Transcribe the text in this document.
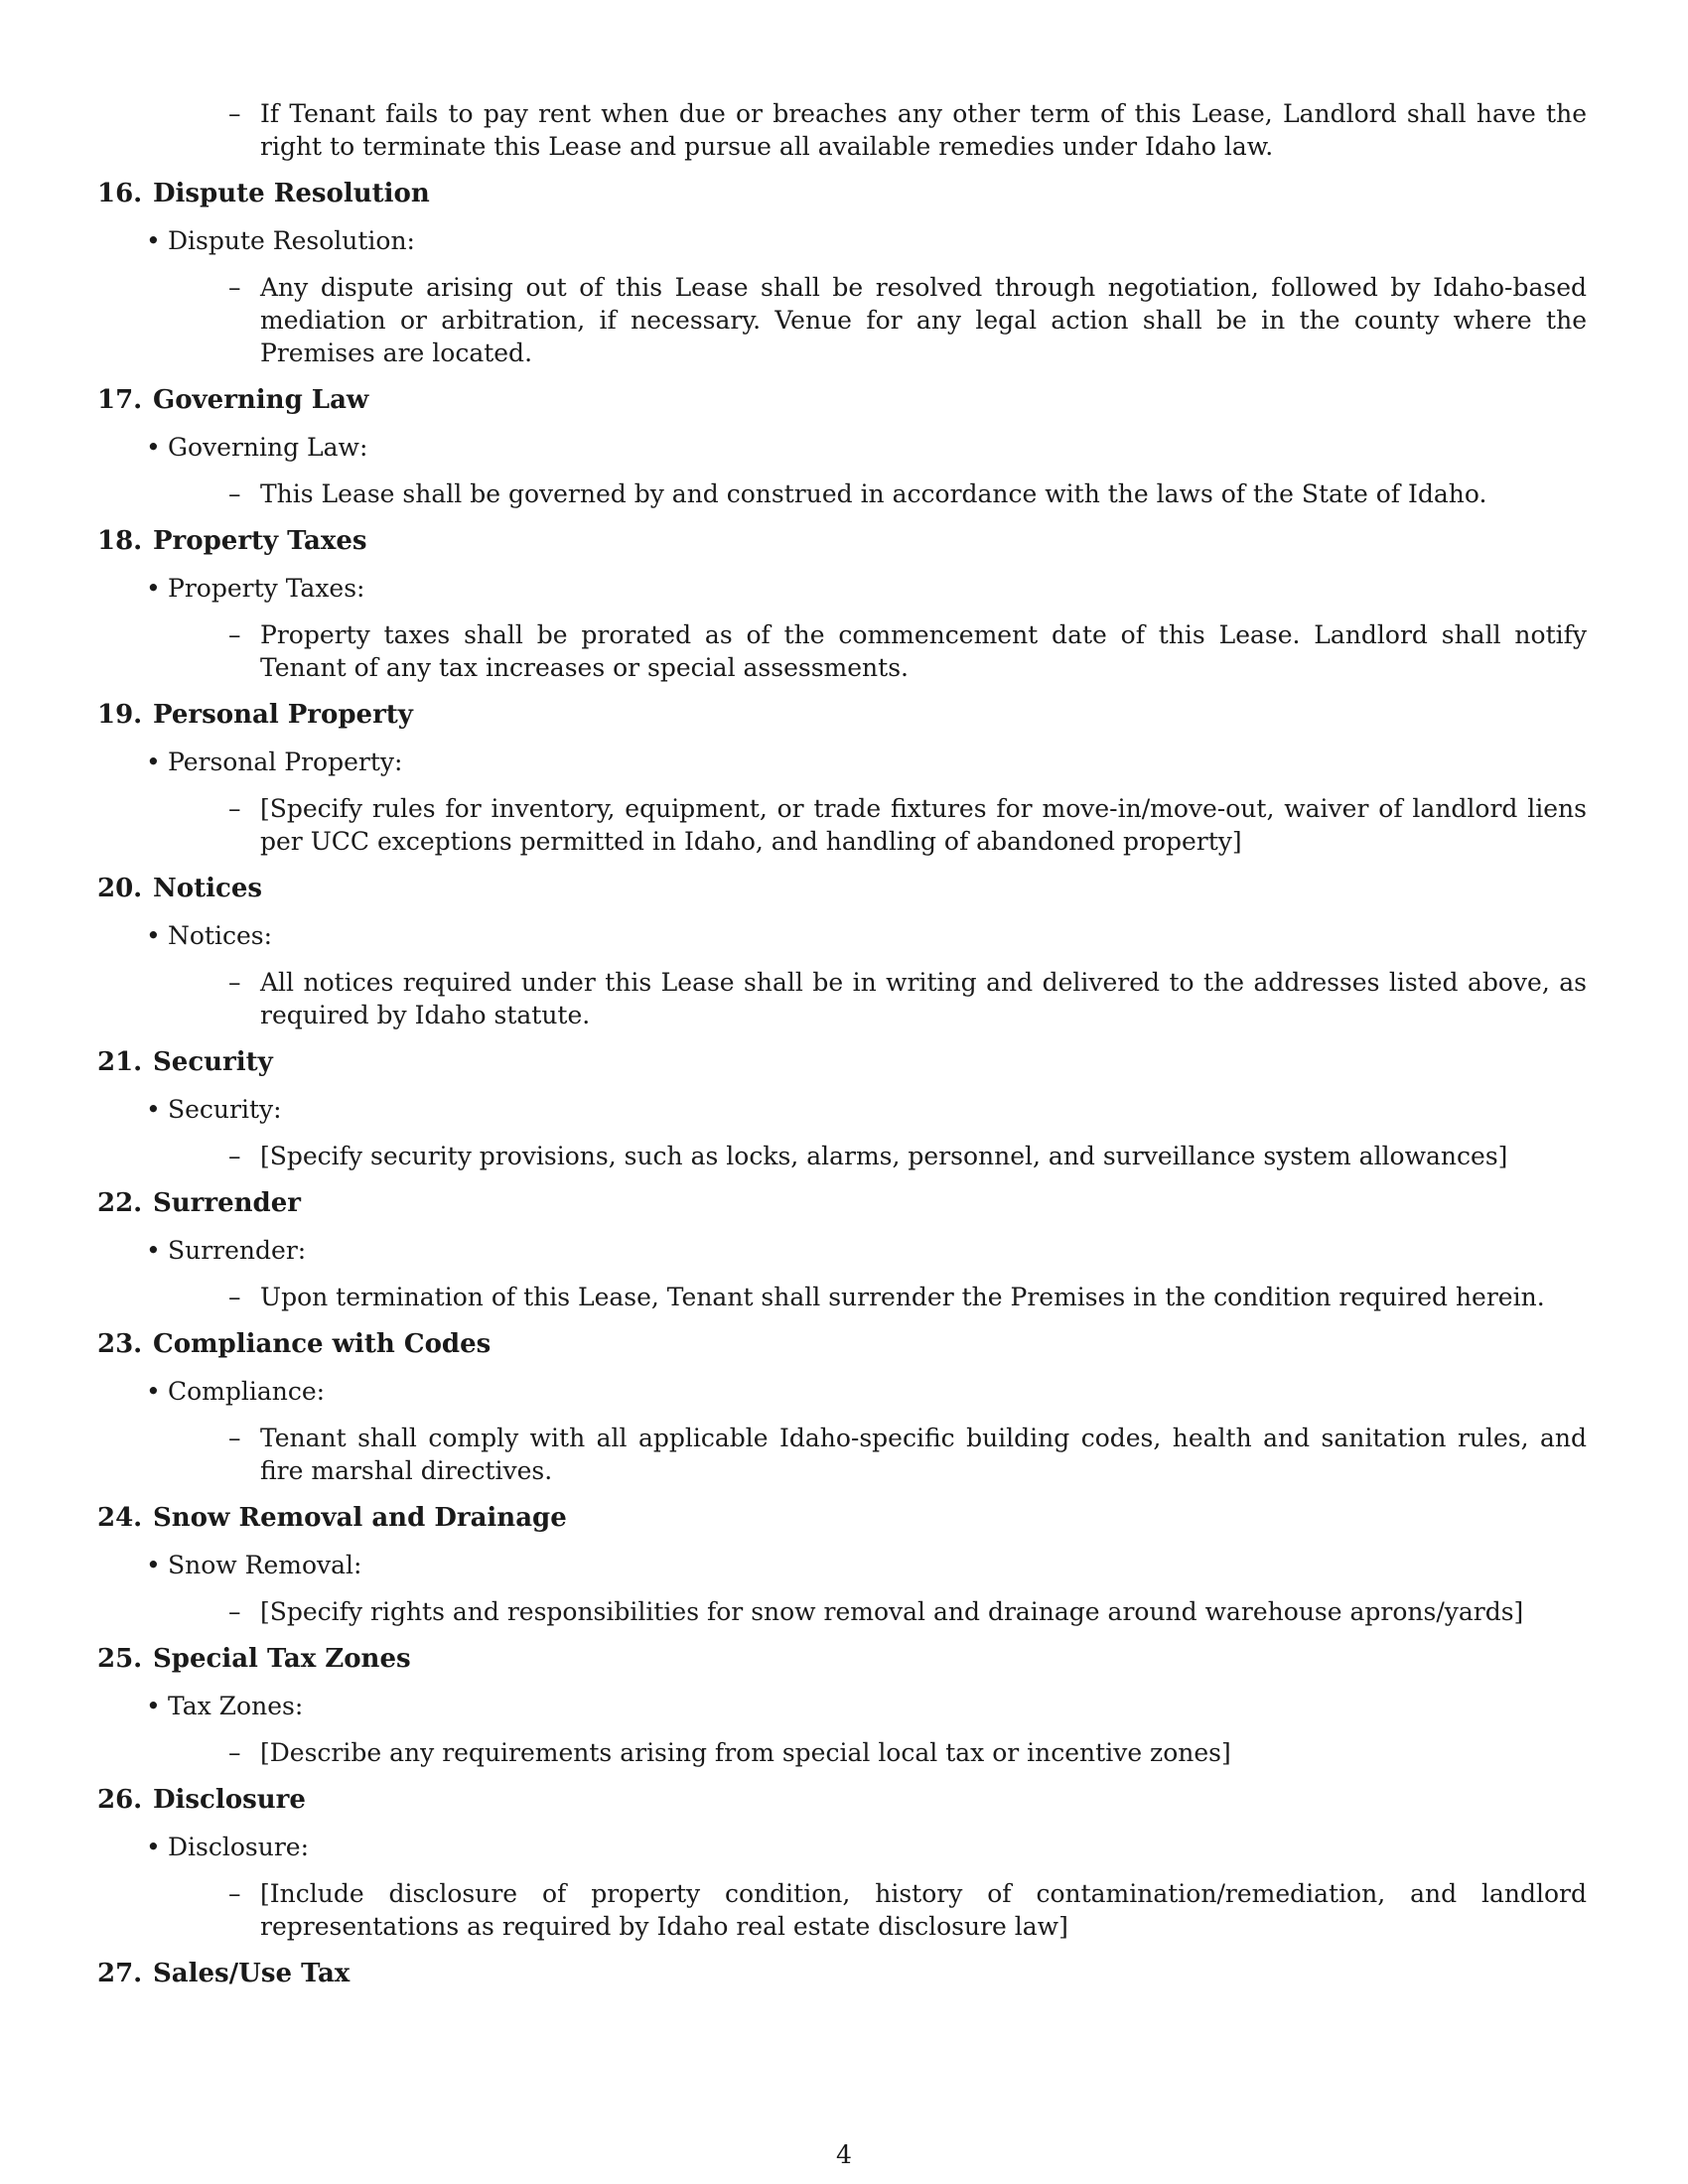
– If Tenant fails to pay rent when due or breaches any other term of this Lease, Landlord shall have the right to terminate this Lease and pursue all available remedies under Idaho law.
16. Dispute Resolution
• Dispute Resolution:
– Any dispute arising out of this Lease shall be resolved through negotiation, followed by Idaho-based mediation or arbitration, if necessary. Venue for any legal action shall be in the county where the Premises are located.
17. Governing Law
• Governing Law:
– This Lease shall be governed by and construed in accordance with the laws of the State of Idaho.
18. Property Taxes
• Property Taxes:
– Property taxes shall be prorated as of the commencement date of this Lease. Landlord shall notify Tenant of any tax increases or special assessments.
19. Personal Property
• Personal Property:
– [Specify rules for inventory, equipment, or trade fixtures for move-in/move-out, waiver of landlord liens per UCC exceptions permitted in Idaho, and handling of abandoned property]
20. Notices
• Notices:
– All notices required under this Lease shall be in writing and delivered to the addresses listed above, as required by Idaho statute.
21. Security
• Security:
– [Specify security provisions, such as locks, alarms, personnel, and surveillance system allowances]
22. Surrender
• Surrender:
– Upon termination of this Lease, Tenant shall surrender the Premises in the condition required herein.
23. Compliance with Codes
• Compliance:
– Tenant shall comply with all applicable Idaho-specific building codes, health and sanitation rules, and fire marshal directives.
24. Snow Removal and Drainage
• Snow Removal:
– [Specify rights and responsibilities for snow removal and drainage around warehouse aprons/yards]
25. Special Tax Zones
• Tax Zones:
– [Describe any requirements arising from special local tax or incentive zones]
26. Disclosure
• Disclosure:
– [Include disclosure of property condition, history of contamination/remediation, and landlord representations as required by Idaho real estate disclosure law]
27. Sales/Use Tax
4
